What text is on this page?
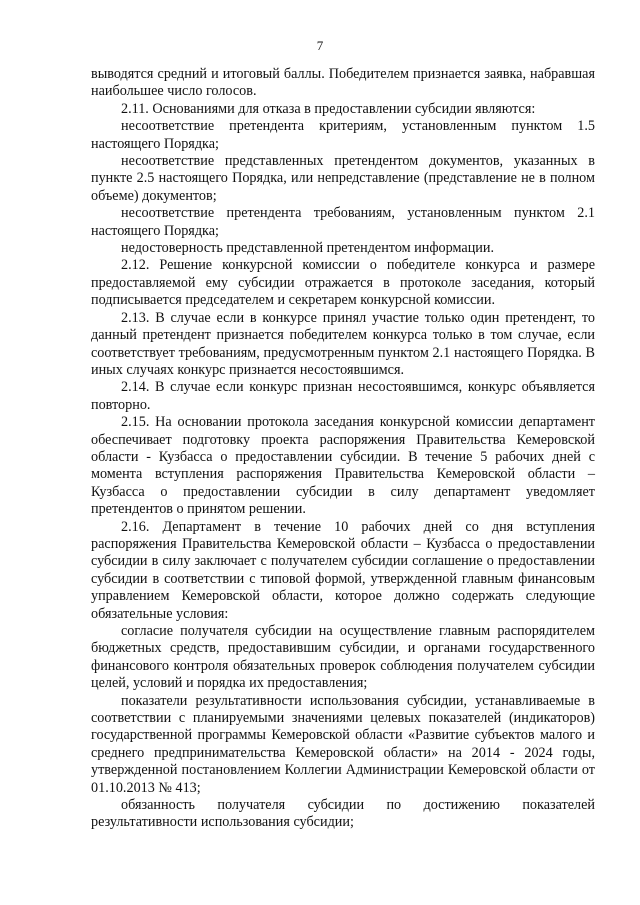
7

выводятся средний и итоговый баллы. Победителем признается заявка, набравшая наибольшее число голосов.

2.11. Основаниями для отказа в предоставлении субсидии являются:

несоответствие претендента критериям, установленным пунктом 1.5 настоящего Порядка;

несоответствие представленных претендентом документов, указанных в пункте 2.5 настоящего Порядка, или непредставление (представление не в полном объеме) документов;

несоответствие претендента требованиям, установленным пунктом 2.1 настоящего Порядка;

недостоверность представленной претендентом информации.

2.12. Решение конкурсной комиссии о победителе конкурса и размере предоставляемой ему субсидии отражается в протоколе заседания, который подписывается председателем и секретарем конкурсной комиссии.

2.13. В случае если в конкурсе принял участие только один претендент, то данный претендент признается победителем конкурса только в том случае, если соответствует требованиям, предусмотренным пунктом 2.1 настоящего Порядка. В иных случаях конкурс признается несостоявшимся.

2.14. В случае если конкурс признан несостоявшимся, конкурс объявляется повторно.

2.15. На основании протокола заседания конкурсной комиссии департамент обеспечивает подготовку проекта распоряжения Правительства Кемеровской области - Кузбасса о предоставлении субсидии. В течение 5 рабочих дней с момента вступления распоряжения Правительства Кемеровской области – Кузбасса о предоставлении субсидии в силу департамент уведомляет претендентов о принятом решении.

2.16. Департамент в течение 10 рабочих дней со дня вступления распоряжения Правительства Кемеровской области – Кузбасса о предоставлении субсидии в силу заключает с получателем субсидии соглашение о предоставлении субсидии в соответствии с типовой формой, утвержденной главным финансовым управлением Кемеровской области, которое должно содержать следующие обязательные условия:

согласие получателя субсидии на осуществление главным распорядителем бюджетных средств, предоставившим субсидии, и органами государственного финансового контроля обязательных проверок соблюдения получателем субсидии целей, условий и порядка их предоставления;

показатели результативности использования субсидии, устанавливаемые в соответствии с планируемыми значениями целевых показателей (индикаторов) государственной программы Кемеровской области «Развитие субъектов малого и среднего предпринимательства Кемеровской области» на 2014 - 2024 годы, утвержденной постановлением Коллегии Администрации Кемеровской области от 01.10.2013 № 413;

обязанность получателя субсидии по достижению показателей результативности использования субсидии;
